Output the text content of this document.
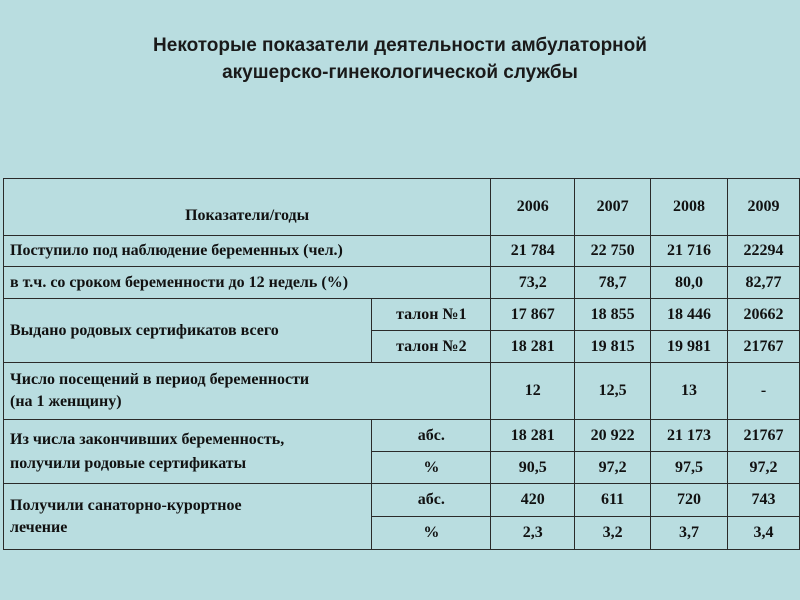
Некоторые показатели деятельности амбулаторной
акушерско-гинекологической службы
Показатели/годы		2006	2007	2008	2009
Поступило под наблюдение беременных (чел.)		21 784	22 750	21 716	22294
в т.ч. со сроком беременности до 12 недель (%)		73,2	78,7	80,0	82,77
Выдано родовых сертификатов всего	талон №1	17 867	18 855	18 446	20662
	талон №2	18 281	19 815	19 981	21767

Число посещений в период беременности
(на 1 женщину)		12	12,5	13	-

Из числа закончивших беременность,
получили родовые сертификаты	абс.	18 281	20 922	21 173	21767
	%	90,5	97,2	97,5	97,2

Получили санаторно-курортное
лечение	абс.	420	611	720	743
	%	2,3	3,2	3,7	3,4
